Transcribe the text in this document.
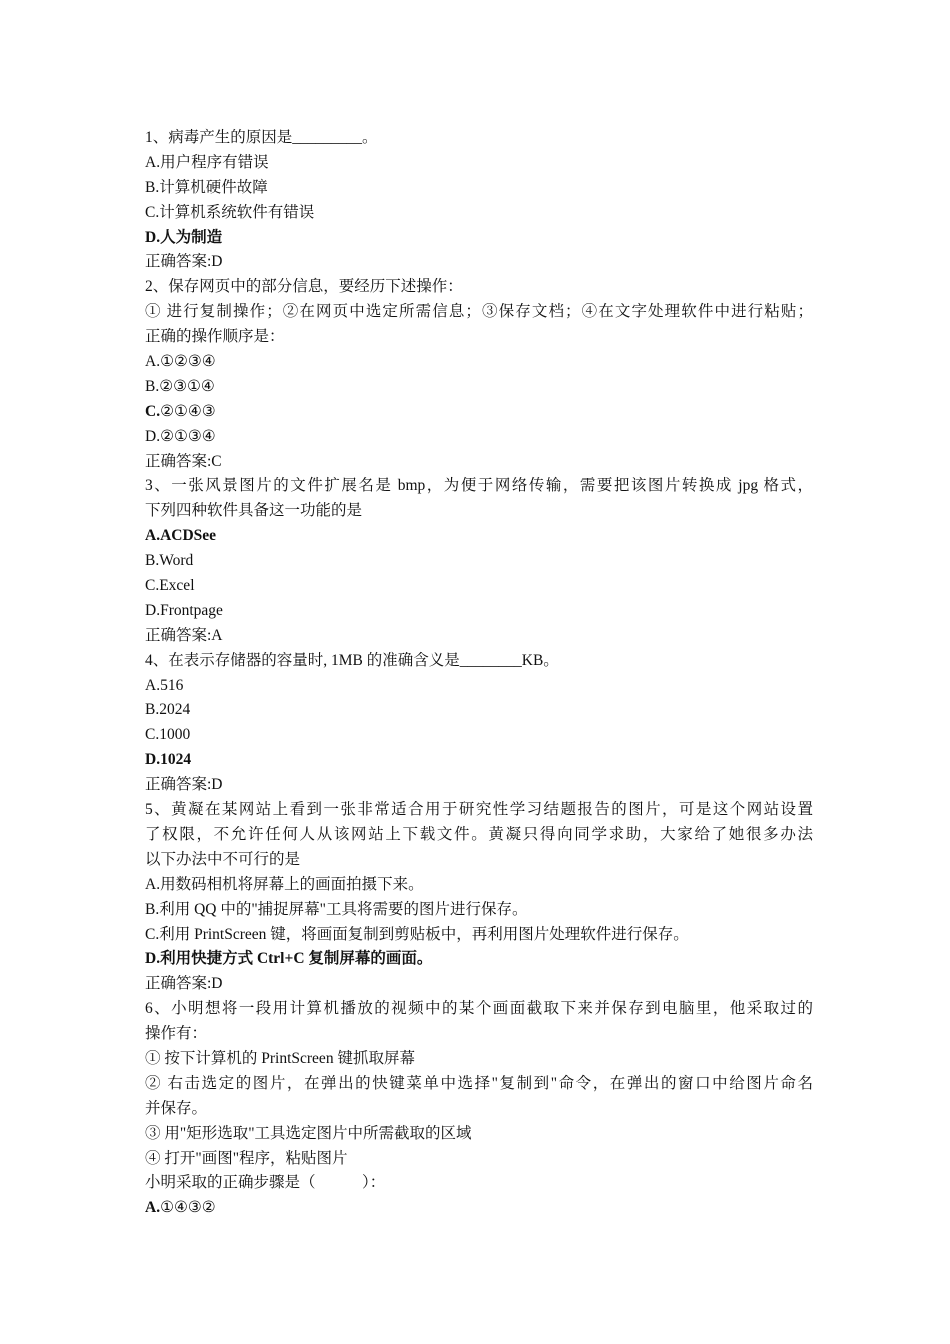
1、病毒产生的原因是_________。
A.用户程序有错误
B.计算机硬件故障
C.计算机系统软件有错误
D.人为制造
正确答案:D
2、保存网页中的部分信息，要经历下述操作：
① 进行复制操作；②在网页中选定所需信息；③保存文档；④在文字处理软件中进行粘贴；
正确的操作顺序是：
A.①②③④
B.②③①④
C.②①④③
D.②①③④
正确答案:C
3、一张风景图片的文件扩展名是 bmp，为便于网络传输，需要把该图片转换成 jpg 格式，
下列四种软件具备这一功能的是
A.ACDSee
B.Word
C.Excel
D.Frontpage
正确答案:A
4、在表示存储器的容量时, 1MB 的准确含义是________KB。
A.516
B.2024
C.1000
D.1024
正确答案:D
5、黄凝在某网站上看到一张非常适合用于研究性学习结题报告的图片，可是这个网站设置
了权限，不允许任何人从该网站上下载文件。黄凝只得向同学求助，大家给了她很多办法
以下办法中不可行的是
A.用数码相机将屏幕上的画面拍摄下来。
B.利用 QQ 中的"捕捉屏幕"工具将需要的图片进行保存。
C.利用 PrintScreen 键，将画面复制到剪贴板中，再利用图片处理软件进行保存。
D.利用快捷方式 Ctrl+C 复制屏幕的画面。
正确答案:D
6、小明想将一段用计算机播放的视频中的某个画面截取下来并保存到电脑里，他采取过的
操作有：
① 按下计算机的 PrintScreen 键抓取屏幕
② 右击选定的图片，在弹出的快键菜单中选择"复制到"命令，在弹出的窗口中给图片命名
并保存。
③ 用"矩形选取"工具选定图片中所需截取的区域
④ 打开"画图"程序，粘贴图片
小明采取的正确步骤是（　　　）：
A.①④③②
